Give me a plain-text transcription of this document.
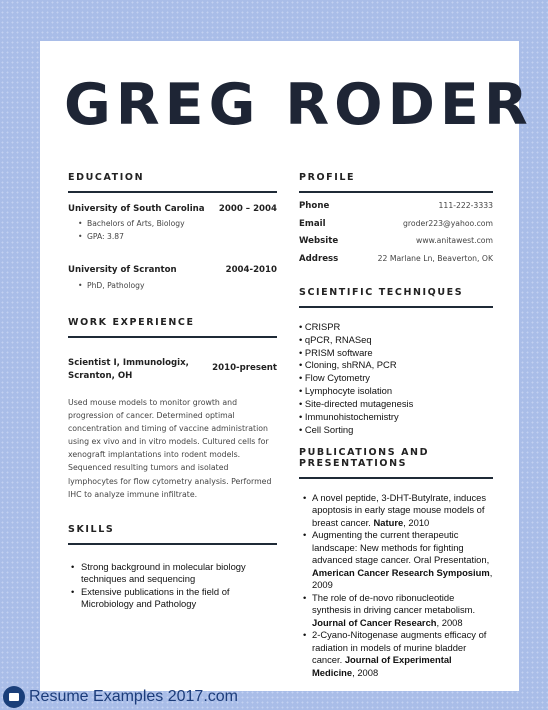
GREG RODER
EDUCATION
University of South Carolina 2000 – 2004
• Bachelors of Arts, Biology
• GPA: 3.87
University of Scranton	2004-2010
• PhD, Pathology
WORK EXPERIENCE
Scientist I, Immunologix, Scranton, OH
2010-present

Used mouse models to monitor growth and progression of cancer. Determined optimal concentration and timing of vaccine administration using ex vivo and in vitro models. Cultured cells for xenograft implantations into rodent models. Sequenced resulting tumors and isolated lymphocytes for flow cytometry analysis. Performed IHC to analyze immune infiltrate.

SKILLS
• Strong background in molecular biology techniques and sequencing
• Extensive publications in the field of Microbiology and Pathology
PROFILE
Phone	111-222-3333
Email	groder223@yahoo.com
Website	www.anitawest.com
Address	22 Marlane Ln, Beaverton, OK
SCIENTIFIC TECHNIQUES
• CRISPR
• qPCR, RNASeq
• PRISM software
• Cloning, shRNA, PCR
• Flow Cytometry
• Lymphocyte isolation
• Site-directed mutagenesis
• Immunohistochemistry
• Cell Sorting
PUBLICATIONS AND PRESENTATIONS
• A novel peptide, 3-DHT-Butylrate, induces apoptosis in early stage mouse models of breast cancer. Nature, 2010
• Augmenting the current therapeutic landscape: New methods for fighting advanced stage cancer. Oral Presentation, American Cancer Research Symposium, 2009
• The role of de-novo ribonucleotide synthesis in driving cancer metabolism. Journal of Cancer Research, 2008
• 2-Cyano-Nitogenase augments efficacy of radiation in models of murine bladder cancer. Journal of Experimental Medicine, 2008
Resume Examples 2017.com
